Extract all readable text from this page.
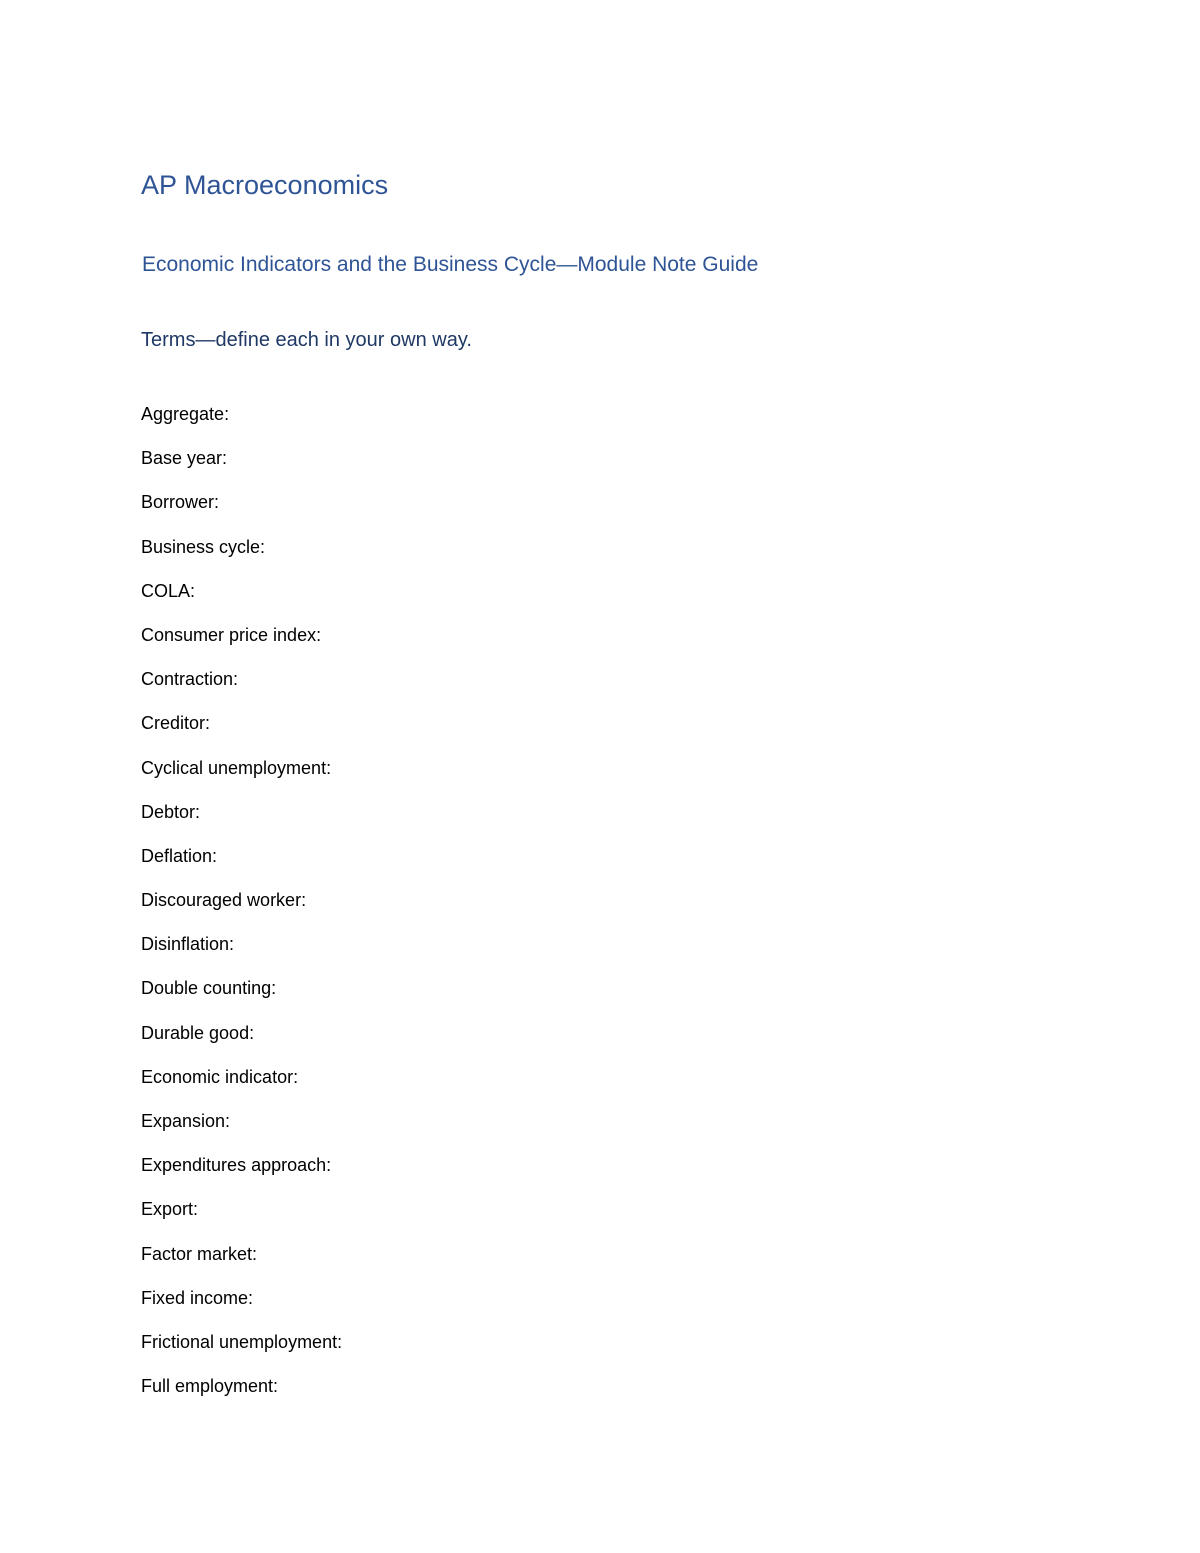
AP Macroeconomics
Economic Indicators and the Business Cycle—Module Note Guide
Terms—define each in your own way.
Aggregate:
Base year:
Borrower:
Business cycle:
COLA:
Consumer price index:
Contraction:
Creditor:
Cyclical unemployment:
Debtor:
Deflation:
Discouraged worker:
Disinflation:
Double counting:
Durable good:
Economic indicator:
Expansion:
Expenditures approach:
Export:
Factor market:
Fixed income:
Frictional unemployment:
Full employment:
